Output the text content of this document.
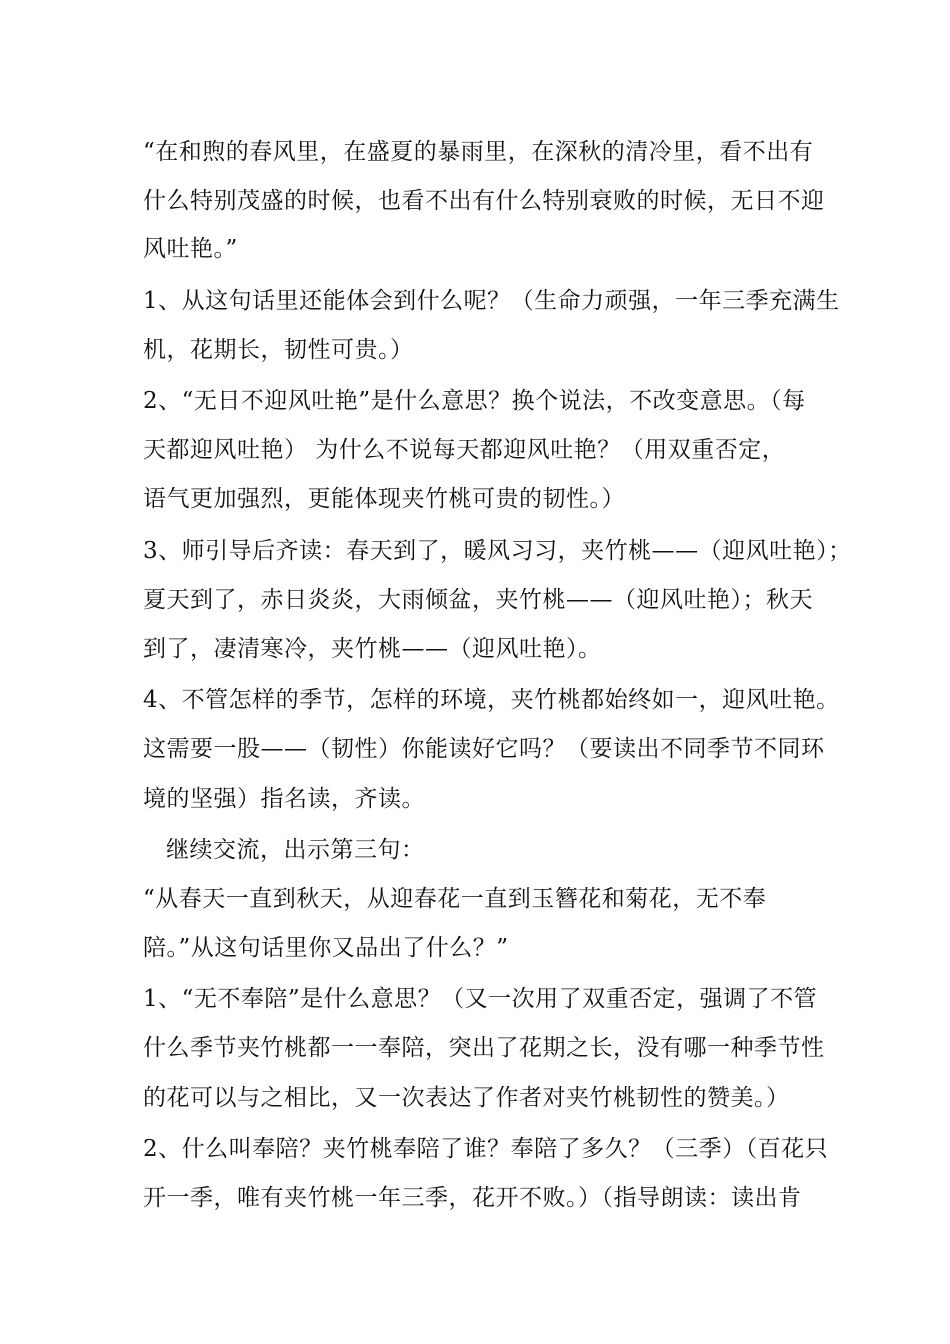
“在和煦的春风里，在盛夏的暴雨里，在深秋的清冷里，看不出有
什么特别茂盛的时候，也看不出有什么特别衰败的时候，无日不迎
风吐艳。”
1、从这句话里还能体会到什么呢？（生命力顽强，一年三季充满生
机，花期长，韧性可贵。）
2、“无日不迎风吐艳”是什么意思？换个说法，不改变意思。（每
天都迎风吐艳） 为什么不说每天都迎风吐艳？（用双重否定，
语气更加强烈，更能体现夹竹桃可贵的韧性。）
3、师引导后齐读：春天到了，暖风习习，夹竹桃——（迎风吐艳）；
夏天到了，赤日炎炎，大雨倾盆，夹竹桃——（迎风吐艳）；秋天
到了，凄清寒冷，夹竹桃——（迎风吐艳）。
4、不管怎样的季节，怎样的环境，夹竹桃都始终如一，迎风吐艳。
这需要一股——（韧性）你能读好它吗？（要读出不同季节不同环
境的坚强）指名读，齐读。
继续交流，出示第三句：
“从春天一直到秋天，从迎春花一直到玉簪花和菊花，无不奉
陪。”从这句话里你又品出了什么？”
1、“无不奉陪”是什么意思？（又一次用了双重否定，强调了不管
什么季节夹竹桃都一一奉陪，突出了花期之长，没有哪一种季节性
的花可以与之相比，又一次表达了作者对夹竹桃韧性的赞美。）
2、什么叫奉陪？夹竹桃奉陪了谁？奉陪了多久？（三季）（百花只
开一季，唯有夹竹桃一年三季，花开不败。）（指导朗读：读出肯
